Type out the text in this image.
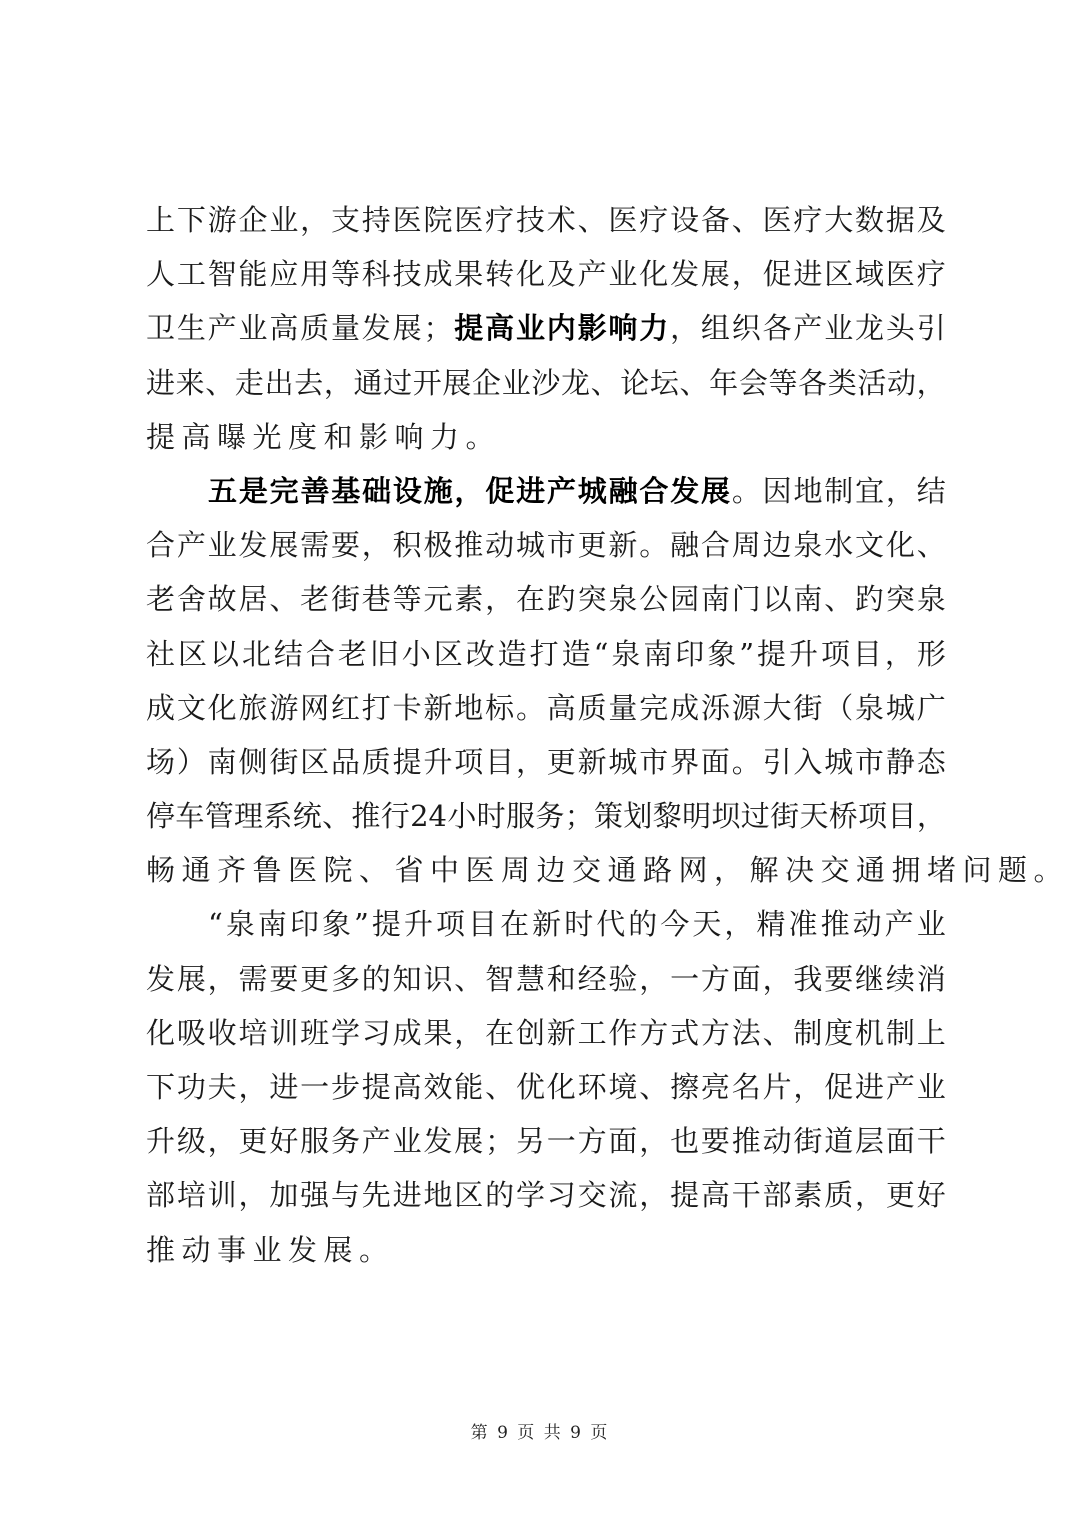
上 下 游 企 业 ， 支 持 医 院 医 疗 技 术 、 医 疗 设 备 、 医 疗 大 数 据 及
人 工 智 能 应 用 等 科 技 成 果 转 化 及 产 业 化 发 展 ， 促 进 区 域 医 疗
卫 生 产 业 高 质 量 发 展 ； 提 高 业 内 影 响 力 ， 组 织 各 产 业 龙 头 引
进 来 、 走 出 去 ， 通 过 开 展 企 业 沙 龙 、 论 坛 、 年 会 等 各 类 活 动 ，
提高曝光度和影响力。
五 是 完 善 基 础 设 施 ， 促 进 产 城 融 合 发 展 。 因 地 制 宜 ， 结
合 产 业 发 展 需 要 ， 积 极 推 动 城 市 更 新 。 融 合 周 边 泉 水 文 化 、
老 舍 故 居 、 老 街 巷 等 元 素 ， 在 趵 突 泉 公 园 南 门 以 南 、 趵 突 泉
社 区 以 北 结 合 老 旧 小 区 改 造 打 造 “ 泉 南 印 象 ” 提 升 项 目 ， 形
成 文 化 旅 游 网 红 打 卡 新 地 标 。 高 质 量 完 成 泺 源 大 街 （ 泉 城 广
场 ） 南 侧 街 区 品 质 提 升 项 目 ， 更 新 城 市 界 面 。 引 入 城 市 静 态
停 车 管 理 系 统 、 推 行 24 小 时 服 务 ； 策 划 黎 明 坝 过 街 天 桥 项 目 ，
畅通齐鲁医院、省中医周边交通路网，解决交通拥堵问题。
“ 泉 南 印 象 ” 提 升 项 目 在 新 时 代 的 今 天 ， 精 准 推 动 产 业
发 展 ， 需 要 更 多 的 知 识 、 智 慧 和 经 验 ， 一 方 面 ， 我 要 继 续 消
化 吸 收 培 训 班 学 习 成 果 ， 在 创 新 工 作 方 式 方 法 、 制 度 机 制 上
下 功 夫 ， 进 一 步 提 高 效 能 、 优 化 环 境 、 擦 亮 名 片 ， 促 进 产 业
升 级 ， 更 好 服 务 产 业 发 展 ； 另 一 方 面 ， 也 要 推 动 街 道 层 面 干
部 培 训 ， 加 强 与 先 进 地 区 的 学 习 交 流 ， 提 高 干 部 素 质 ， 更 好
推动事业发展。
第 9 页 共 9 页
